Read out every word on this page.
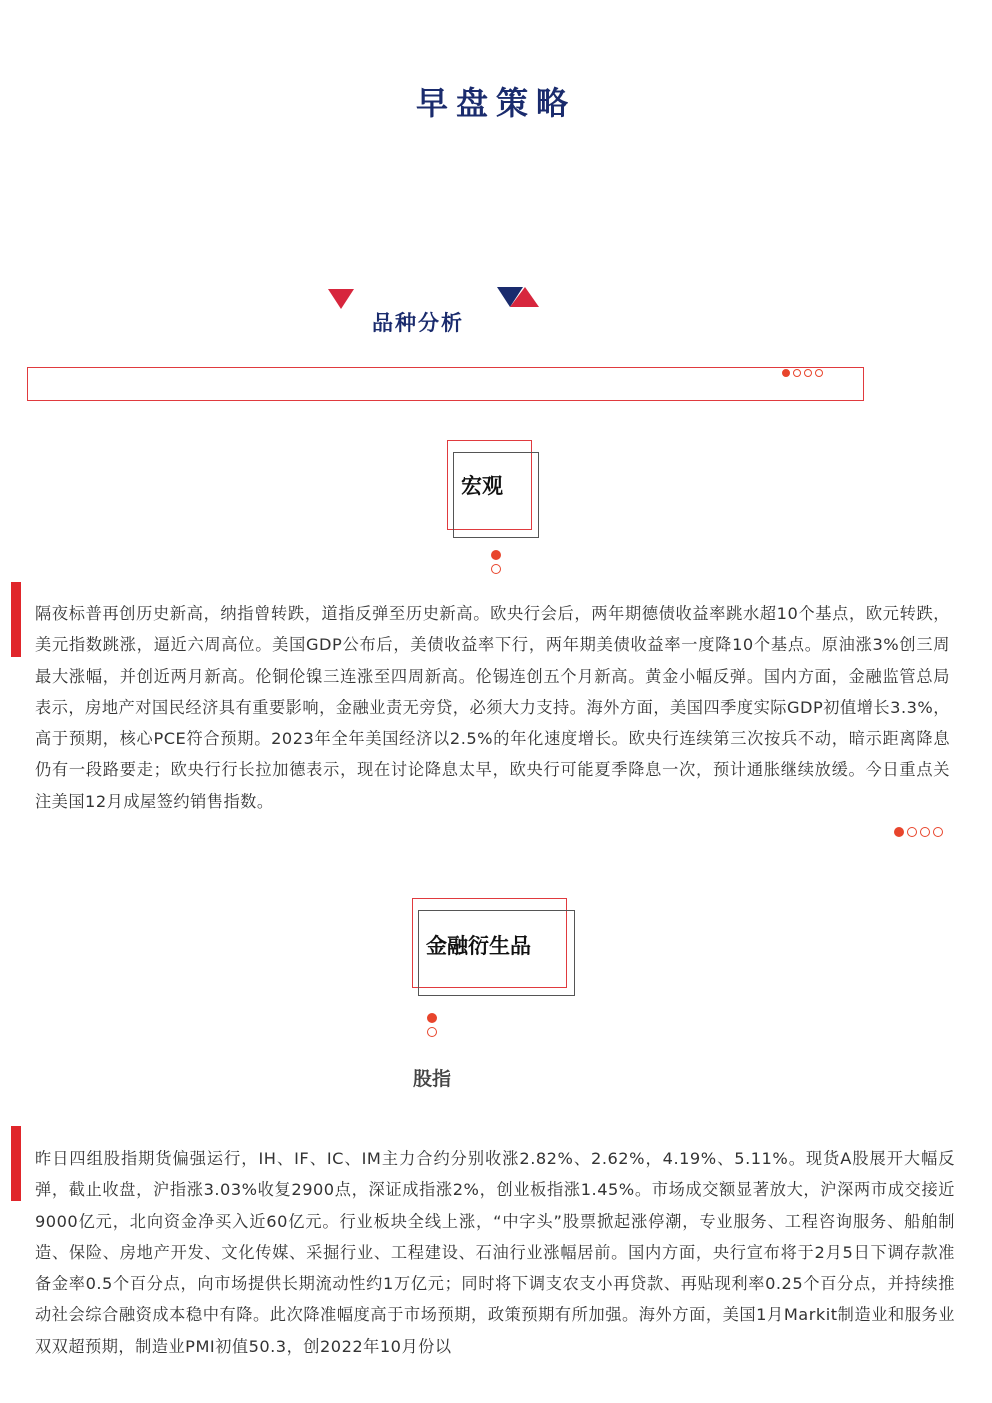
早盘策略
品种分析
宏观

隔夜标普再创历史新高，纳指曾转跌，道指反弹至历史新高。欧央行会后，两年期德债收益率跳水超10个基点，欧元转跌，美元指数跳涨，逼近六周高位。美国GDP公布后，美债收益率下行，两年期美债收益率一度降10个基点。原油涨3%创三周最大涨幅，并创近两月新高。伦铜伦镍三连涨至四周新高。伦锡连创五个月新高。黄金小幅反弹。国内方面，金融监管总局表示，房地产对国民经济具有重要影响，金融业责无旁贷，必须大力支持。海外方面，美国四季度实际GDP初值增长3.3%，高于预期，核心PCE符合预期。2023年全年美国经济以2.5%的年化速度增长。欧央行连续第三次按兵不动，暗示距离降息仍有一段路要走；欧央行行长拉加德表示，现在讨论降息太早，欧央行可能夏季降息一次，预计通胀继续放缓。今日重点关注美国12月成屋签约销售指数。

金融衍生品
股指

昨日四组股指期货偏强运行，IH、IF、IC、IM主力合约分别收涨2.82%、2.62%，4.19%、5.11%。现货A股展开大幅反弹，截止收盘，沪指涨3.03%收复2900点，深证成指涨2%，创业板指涨1.45%。市场成交额显著放大，沪深两市成交接近9000亿元，北向资金净买入近60亿元。行业板块全线上涨，“中字头”股票掀起涨停潮，专业服务、工程咨询服务、船舶制造、保险、房地产开发、文化传媒、采掘行业、工程建设、石油行业涨幅居前。国内方面，央行宣布将于2月5日下调存款准备金率0.5个百分点，向市场提供长期流动性约1万亿元；同时将下调支农支小再贷款、再贴现利率0.25个百分点，并持续推动社会综合融资成本稳中有降。此次降准幅度高于市场预期，政策预期有所加强。海外方面，美国1月Markit制造业和服务业双双超预期，制造业PMI初值50.3，创2022年10月份以
